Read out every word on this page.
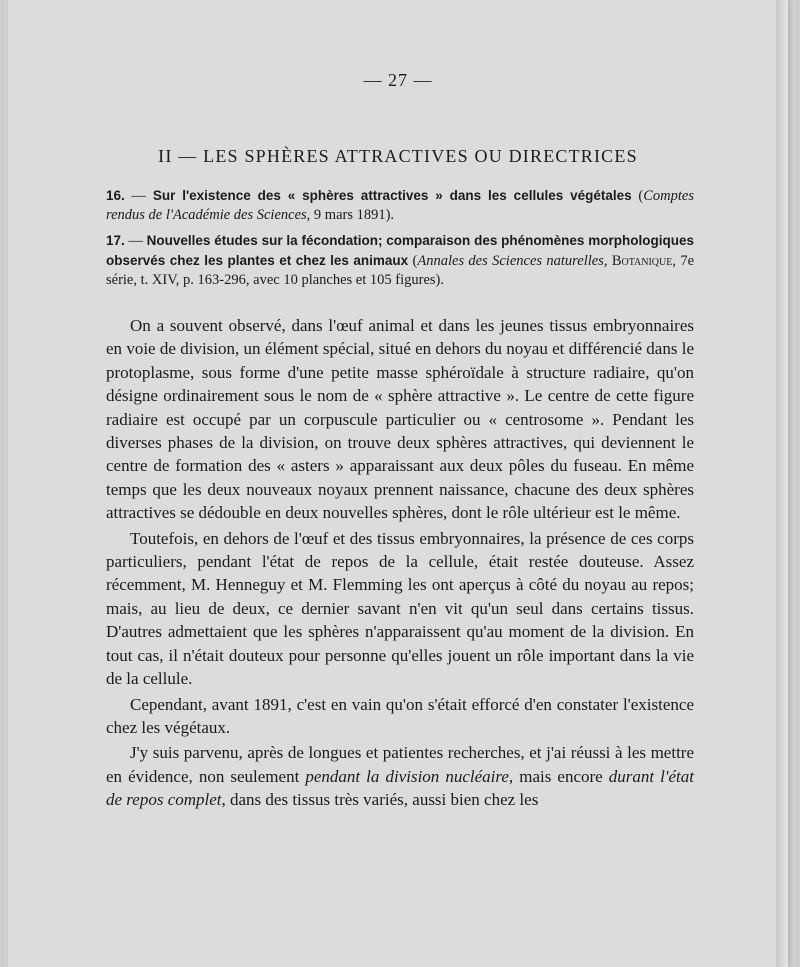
— 27 —
II — LES SPHÈRES ATTRACTIVES OU DIRECTRICES
16. — Sur l'existence des « sphères attractives » dans les cellules végétales (Comptes rendus de l'Académie des Sciences, 9 mars 1891).
17. — Nouvelles études sur la fécondation; comparaison des phénomènes morphologiques observés chez les plantes et chez les animaux (Annales des Sciences naturelles, Botanique, 7e série, t. XIV, p. 163-296, avec 10 planches et 105 figures).

On a souvent observé, dans l'œuf animal et dans les jeunes tissus embryonnaires en voie de division, un élément spécial, situé en dehors du noyau et différencié dans le protoplasme, sous forme d'une petite masse sphéroïdale à structure radiaire, qu'on désigne ordinairement sous le nom de « sphère attractive ». Le centre de cette figure radiaire est occupé par un corpuscule particulier ou « centrosome ». Pendant les diverses phases de la division, on trouve deux sphères attractives, qui deviennent le centre de formation des « asters » apparaissant aux deux pôles du fuseau. En même temps que les deux nouveaux noyaux prennent naissance, chacune des deux sphères attractives se dédouble en deux nouvelles sphères, dont le rôle ultérieur est le même.

Toutefois, en dehors de l'œuf et des tissus embryonnaires, la présence de ces corps particuliers, pendant l'état de repos de la cellule, était restée douteuse. Assez récemment, M. Henneguy et M. Flemming les ont aperçus à côté du noyau au repos; mais, au lieu de deux, ce dernier savant n'en vit qu'un seul dans certains tissus. D'autres admettaient que les sphères n'apparaissent qu'au moment de la division. En tout cas, il n'était douteux pour personne qu'elles jouent un rôle important dans la vie de la cellule.

Cependant, avant 1891, c'est en vain qu'on s'était efforcé d'en constater l'existence chez les végétaux.

J'y suis parvenu, après de longues et patientes recherches, et j'ai réussi à les mettre en évidence, non seulement pendant la division nucléaire, mais encore durant l'état de repos complet, dans des tissus très variés, aussi bien chez les
